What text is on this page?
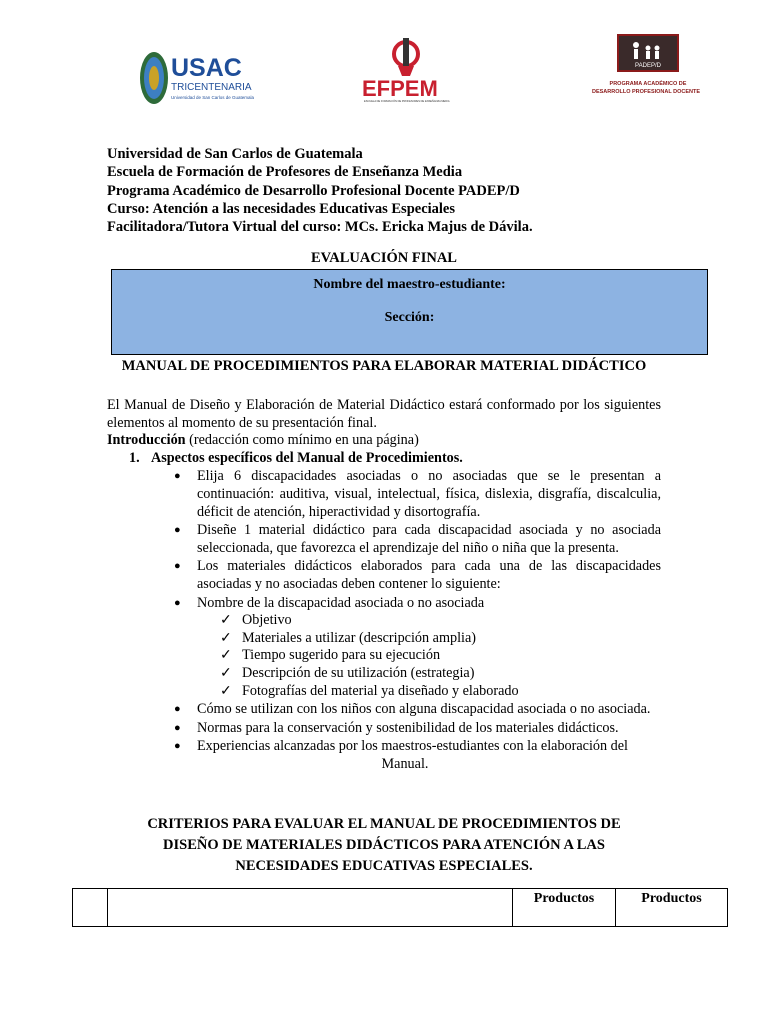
USAC
TRICENTENARIA
Universidad de San Carlos de Guatemala	EFPEM
ESCUELA DE FORMACIÓN DE PROFESORES DE ENSEÑANZA MEDIA
PADEP/D
PROGRAMA ACADÉMICO DE
DESARROLLO PROFESIONAL DOCENTE
Universidad de San Carlos de Guatemala
Escuela de Formación de Profesores de Enseñanza Media
Programa Académico de Desarrollo Profesional Docente PADEP/D
Curso: Atención a las necesidades Educativas Especiales
Facilitadora/Tutora Virtual del curso: MCs. Ericka Majus de Dávila.
EVALUACIÓN FINAL
Nombre del maestro-estudiante:
Sección:
MANUAL DE PROCEDIMIENTOS PARA ELABORAR MATERIAL DIDÁCTICO

El Manual de Diseño y Elaboración de Material Didáctico estará conformado por los siguientes elementos al momento de su presentación final.

Introducción (redacción como mínimo en una página)

1. Aspectos específicos del Manual de Procedimientos.
● Elija 6 discapacidades asociadas o no asociadas que se le presentan a continuación: auditiva, visual, intelectual, física, dislexia, disgrafía, discalculia, déficit de atención, hiperactividad y disortografía.
● Diseñe 1 material didáctico para cada discapacidad asociada y no asociada seleccionada, que favorezca el aprendizaje del niño o niña que la presenta.
● Los materiales didácticos elaborados para cada una de las discapacidades asociadas y no asociadas deben contener lo siguiente:
● Nombre de la discapacidad asociada o no asociada
✓ Objetivo
✓ Materiales a utilizar (descripción amplia)
✓ Tiempo sugerido para su ejecución
✓ Descripción de su utilización (estrategia)
✓ Fotografías del material ya diseñado y elaborado
● Cómo se utilizan con los niños con alguna discapacidad asociada o no asociada.
● Normas para la conservación y sostenibilidad de los materiales didácticos.
● Experiencias alcanzadas por los maestros-estudiantes con la elaboración del
Manual.
CRITERIOS PARA EVALUAR EL MANUAL DE PROCEDIMIENTOS DE
DISEÑO DE MATERIALES DIDÁCTICOS PARA ATENCIÓN A LAS
NECESIDADES EDUCATIVAS ESPECIALES.
		Productos	Productos
